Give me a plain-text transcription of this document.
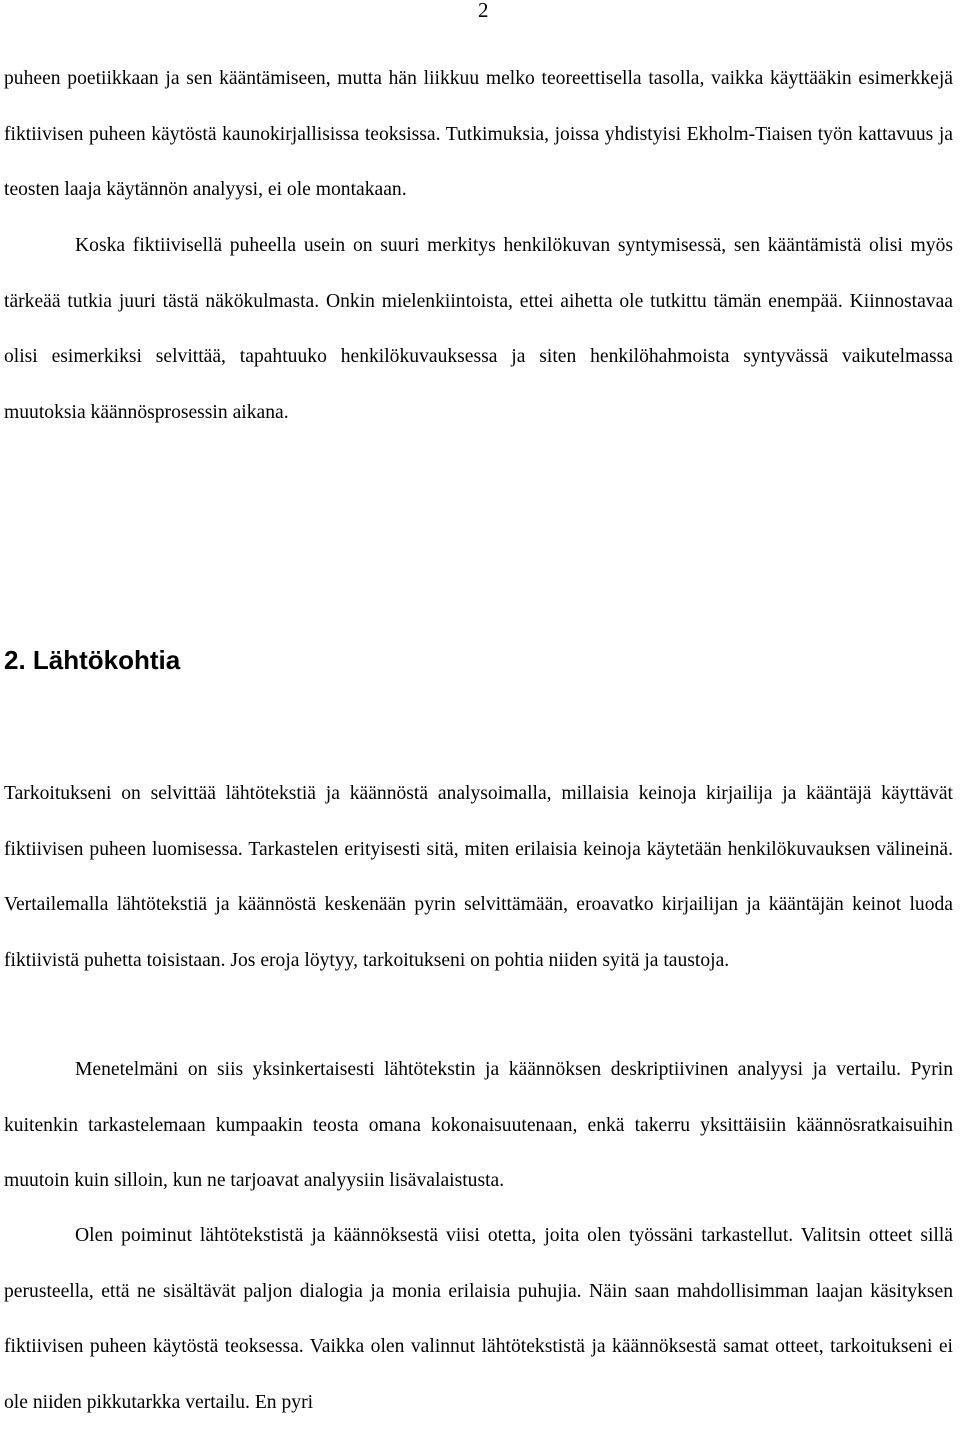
2

puheen poetiikkaan ja sen kääntämiseen, mutta hän liikkuu melko teoreettisella tasolla, vaikka käyttääkin esimerkkejä fiktiivisen puheen käytöstä kaunokirjallisissa teoksissa. Tutkimuksia, joissa yhdistyisi Ekholm-Tiaisen työn kattavuus ja teosten laaja käytännön analyysi, ei ole montakaan.

Koska fiktiivisellä puheella usein on suuri merkitys henkilökuvan syntymisessä, sen kääntämistä olisi myös tärkeää tutkia juuri tästä näkökulmasta. Onkin mielenkiintoista, ettei aihetta ole tutkittu tämän enempää. Kiinnostavaa olisi esimerkiksi selvittää, tapahtuuko henkilökuvauksessa ja siten henkilöhahmoista syntyvässä vaikutelmassa muutoksia käännösprosessin aikana.

2. Lähtökohtia

Tarkoitukseni on selvittää lähtötekstiä ja käännöstä analysoimalla, millaisia keinoja kirjailija ja kääntäjä käyttävät fiktiivisen puheen luomisessa. Tarkastelen erityisesti sitä, miten erilaisia keinoja käytetään henkilökuvauksen välineinä. Vertailemalla lähtötekstiä ja käännöstä keskenään pyrin selvittämään, eroavatko kirjailijan ja kääntäjän keinot luoda fiktiivistä puhetta toisistaan. Jos eroja löytyy, tarkoitukseni on pohtia niiden syitä ja taustoja.

Menetelmäni on siis yksinkertaisesti lähtötekstin ja käännöksen deskriptiivinen analyysi ja vertailu. Pyrin kuitenkin tarkastelemaan kumpaakin teosta omana kokonaisuutenaan, enkä takerru yksittäisiin käännösratkaisuihin muutoin kuin silloin, kun ne tarjoavat analyysiin lisävalaistusta.

Olen poiminut lähtötekstistä ja käännöksestä viisi otetta, joita olen työssäni tarkastellut. Valitsin otteet sillä perusteella, että ne sisältävät paljon dialogia ja monia erilaisia puhujia. Näin saan mahdollisimman laajan käsityksen fiktiivisen puheen käytöstä teoksessa. Vaikka olen valinnut lähtötekstistä ja käännöksestä samat otteet, tarkoitukseni ei ole niiden pikkutarkka vertailu. En pyri
